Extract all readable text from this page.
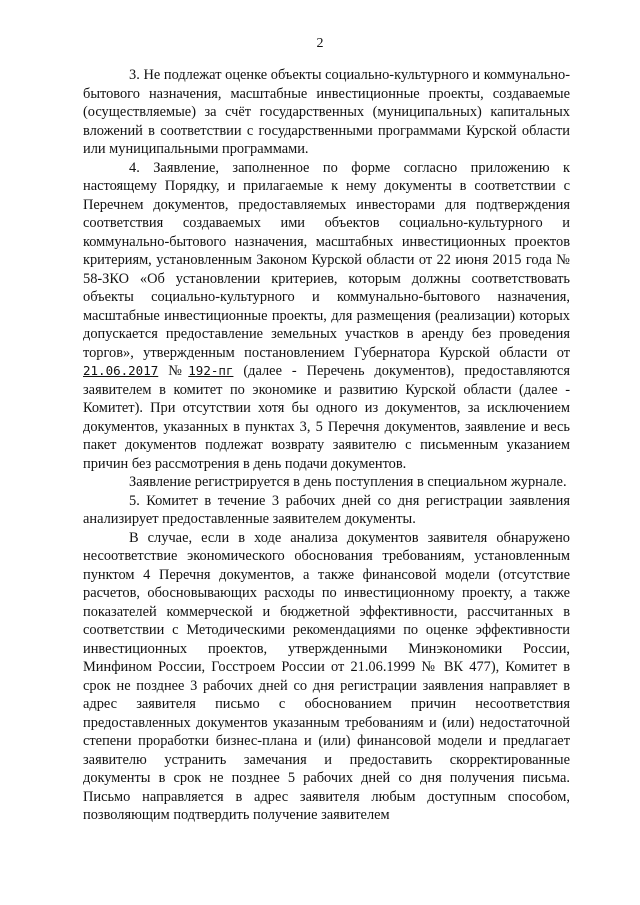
2

3. Не подлежат оценке объекты социально-культурного и коммунально-бытового назначения, масштабные инвестиционные проекты, создаваемые (осуществляемые) за счёт государственных (муниципальных) капитальных вложений в соответствии с государственными программами Курской области или муниципальными программами.

4. Заявление, заполненное по форме согласно приложению к настоящему Порядку, и прилагаемые к нему документы в соответствии с Перечнем документов, предоставляемых инвесторами для подтверждения соответствия создаваемых ими объектов социально-культурного и коммунально-бытового назначения, масштабных инвестиционных проектов критериям, установленным Законом Курской области от 22 июня 2015 года № 58-ЗКО «Об установлении критериев, которым должны соответствовать объекты социально-культурного и коммунально-бытового назначения, масштабные инвестиционные проекты, для размещения (реализации) которых допускается предоставление земельных участков в аренду без проведения торгов», утвержденным постановлением Губернатора Курской области от 21.06.2017 №192-пг (далее - Перечень документов), предоставляются заявителем в комитет по экономике и развитию Курской области (далее - Комитет). При отсутствии хотя бы одного из документов, за исключением документов, указанных в пунктах 3, 5 Перечня документов, заявление и весь пакет документов подлежат возврату заявителю с письменным указанием причин без рассмотрения в день подачи документов.

Заявление регистрируется в день поступления в специальном журнале.

5. Комитет в течение 3 рабочих дней со дня регистрации заявления анализирует предоставленные заявителем документы.

В случае, если в ходе анализа документов заявителя обнаружено несоответствие экономического обоснования требованиям, установленным пунктом 4 Перечня документов, а также финансовой модели (отсутствие расчетов, обосновывающих расходы по инвестиционному проекту, а также показателей коммерческой и бюджетной эффективности, рассчитанных в соответствии с Методическими рекомендациями по оценке эффективности инвестиционных проектов, утвержденными Минэкономики России, Минфином России, Госстроем России от 21.06.1999 № ВК 477), Комитет в срок не позднее 3 рабочих дней со дня регистрации заявления направляет в адрес заявителя письмо с обоснованием причин несоответствия предоставленных документов указанным требованиям и (или) недостаточной степени проработки бизнес-плана и (или) финансовой модели и предлагает заявителю устранить замечания и предоставить скорректированные документы в срок не позднее 5 рабочих дней со дня получения письма. Письмо направляется в адрес заявителя любым доступным способом, позволяющим подтвердить получение заявителем
